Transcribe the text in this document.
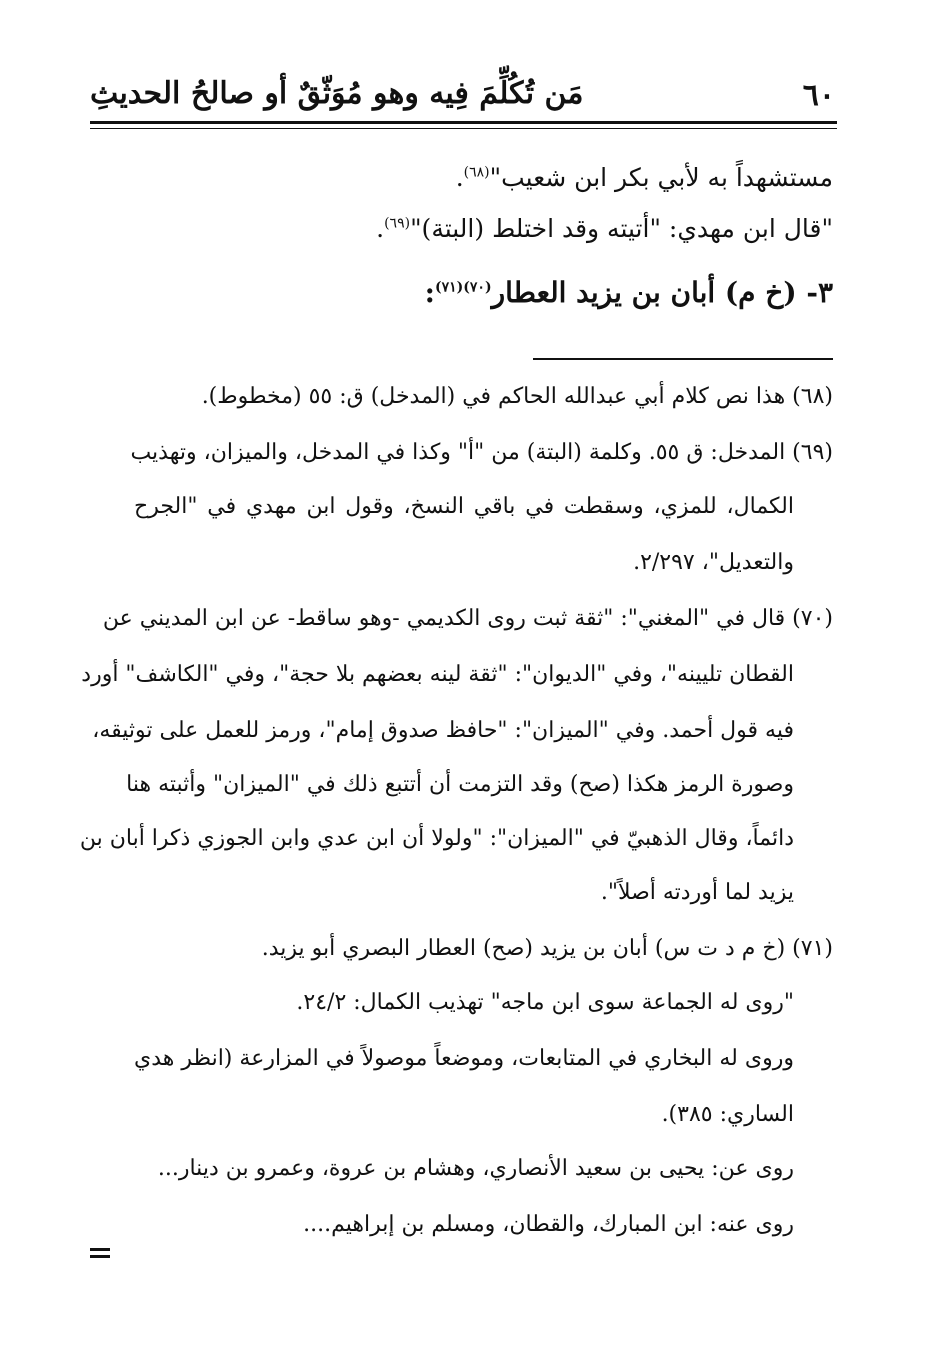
٦٠
مَن تُكُلِّمَ فِيه وهو مُوَثّقٌ أو صالحُ الحديثِ
مستشهداً به لأبي بكر ابن شعيب"$^{(٦٨)}$.
"قال ابن مهدي: "أتيته وقد اختلط (البتة)"$^{(٦٩)}$.
٣- (خ م) أبان بن يزيد العطار$^{(٧٠)(٧١)}$:
(٦٨) هذا نص كلام أبي عبدالله الحاكم في (المدخل) ق: ٥٥ (مخطوط).
(٦٩) المدخل: ق ٥٥. وكلمة (البتة) من "أ" وكذا في المدخل، والميزان، وتهذيب
الكمال، للمزي، وسقطت في باقي النسخ، وقول ابن مهدي في "الجرح
والتعديل"، ٢/٢٩٧.
(٧٠) قال في "المغني": "ثقة ثبت روى الكديمي -وهو ساقط- عن ابن المديني عن
القطان تليينه"، وفي "الديوان": "ثقة لينه بعضهم بلا حجة"، وفي "الكاشف" أورد
فيه قول أحمد. وفي "الميزان": "حافظ صدوق إمام"، ورمز للعمل على توثيقه،
وصورة الرمز هكذا (صح) وقد التزمت أن أتتبع ذلك في "الميزان" وأثبته هنا
دائماً، وقال الذهبيّ في "الميزان": "ولولا أن ابن عدي وابن الجوزي ذكرا أبان بن
يزيد لما أوردته أصلاً".
(٧١) (خ م د ت س) أبان بن يزيد (صح) العطار البصري أبو يزيد.
"روى له الجماعة سوى ابن ماجه" تهذيب الكمال: ٢٤/٢.
وروى له البخاري في المتابعات، وموضعاً موصولاً في المزارعة (انظر هدي
الساري: ٣٨٥).
روى عن: يحيى بن سعيد الأنصاري، وهشام بن عروة، وعمرو بن دينار...
روى عنه: ابن المبارك، والقطان، ومسلم بن إبراهيم....
